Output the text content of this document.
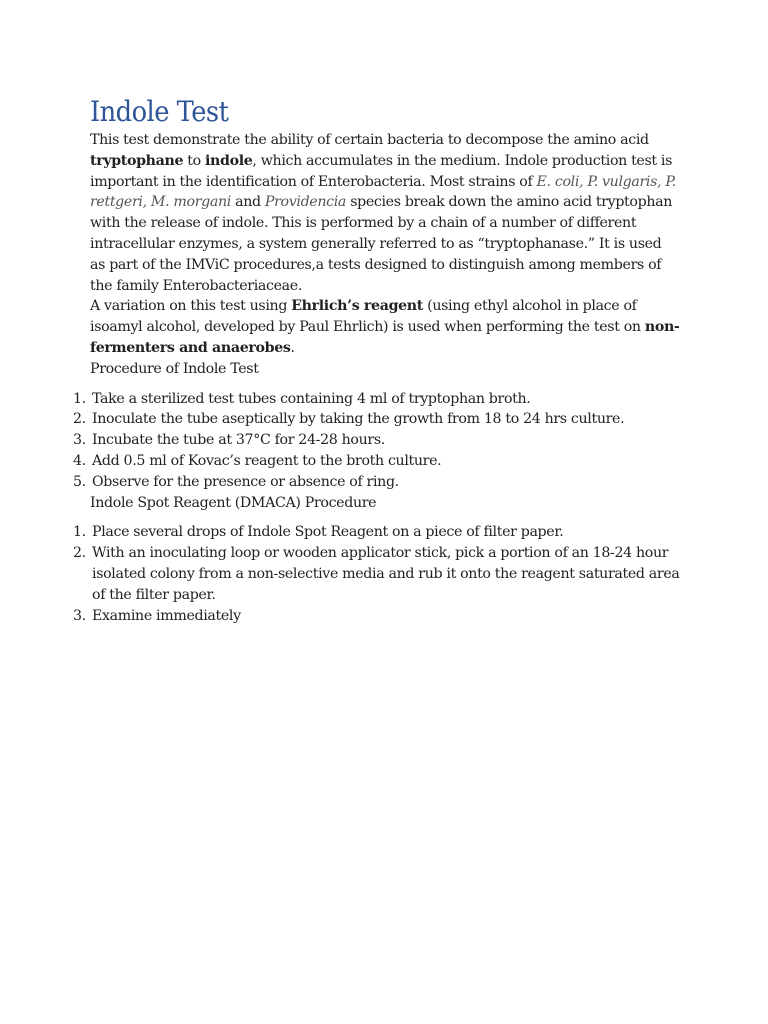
Indole Test

This test demonstrate the ability of certain bacteria to decompose the amino acid tryptophane to indole, which accumulates in the medium. Indole production test is important in the identification of Enterobacteria. Most strains of E. coli, P. vulgaris, P. rettgeri, M. morgani and Providencia species break down the amino acid tryptophan with the release of indole. This is performed by a chain of a number of different intracellular enzymes, a system generally referred to as “tryptophanase.” It is used as part of the IMViC procedures,a tests designed to distinguish among members of the family Enterobacteriaceae.

A variation on this test using Ehrlich’s reagent (using ethyl alcohol in place of isoamyl alcohol, developed by Paul Ehrlich) is used when performing the test on non-fermenters and anaerobes.

Procedure of Indole Test

1. Take a sterilized test tubes containing 4 ml of tryptophan broth.
2. Inoculate the tube aseptically by taking the growth from 18 to 24 hrs culture.
3. Incubate the tube at 37°C for 24-28 hours.
4. Add 0.5 ml of Kovac’s reagent to the broth culture.
5. Observe for the presence or absence of ring.

Indole Spot Reagent (DMACA) Procedure

1. Place several drops of Indole Spot Reagent on a piece of filter paper.
2. With an inoculating loop or wooden applicator stick, pick a portion of an 18-24 hour isolated colony from a non-selective media and rub it onto the reagent saturated area of the filter paper.
3. Examine immediately
